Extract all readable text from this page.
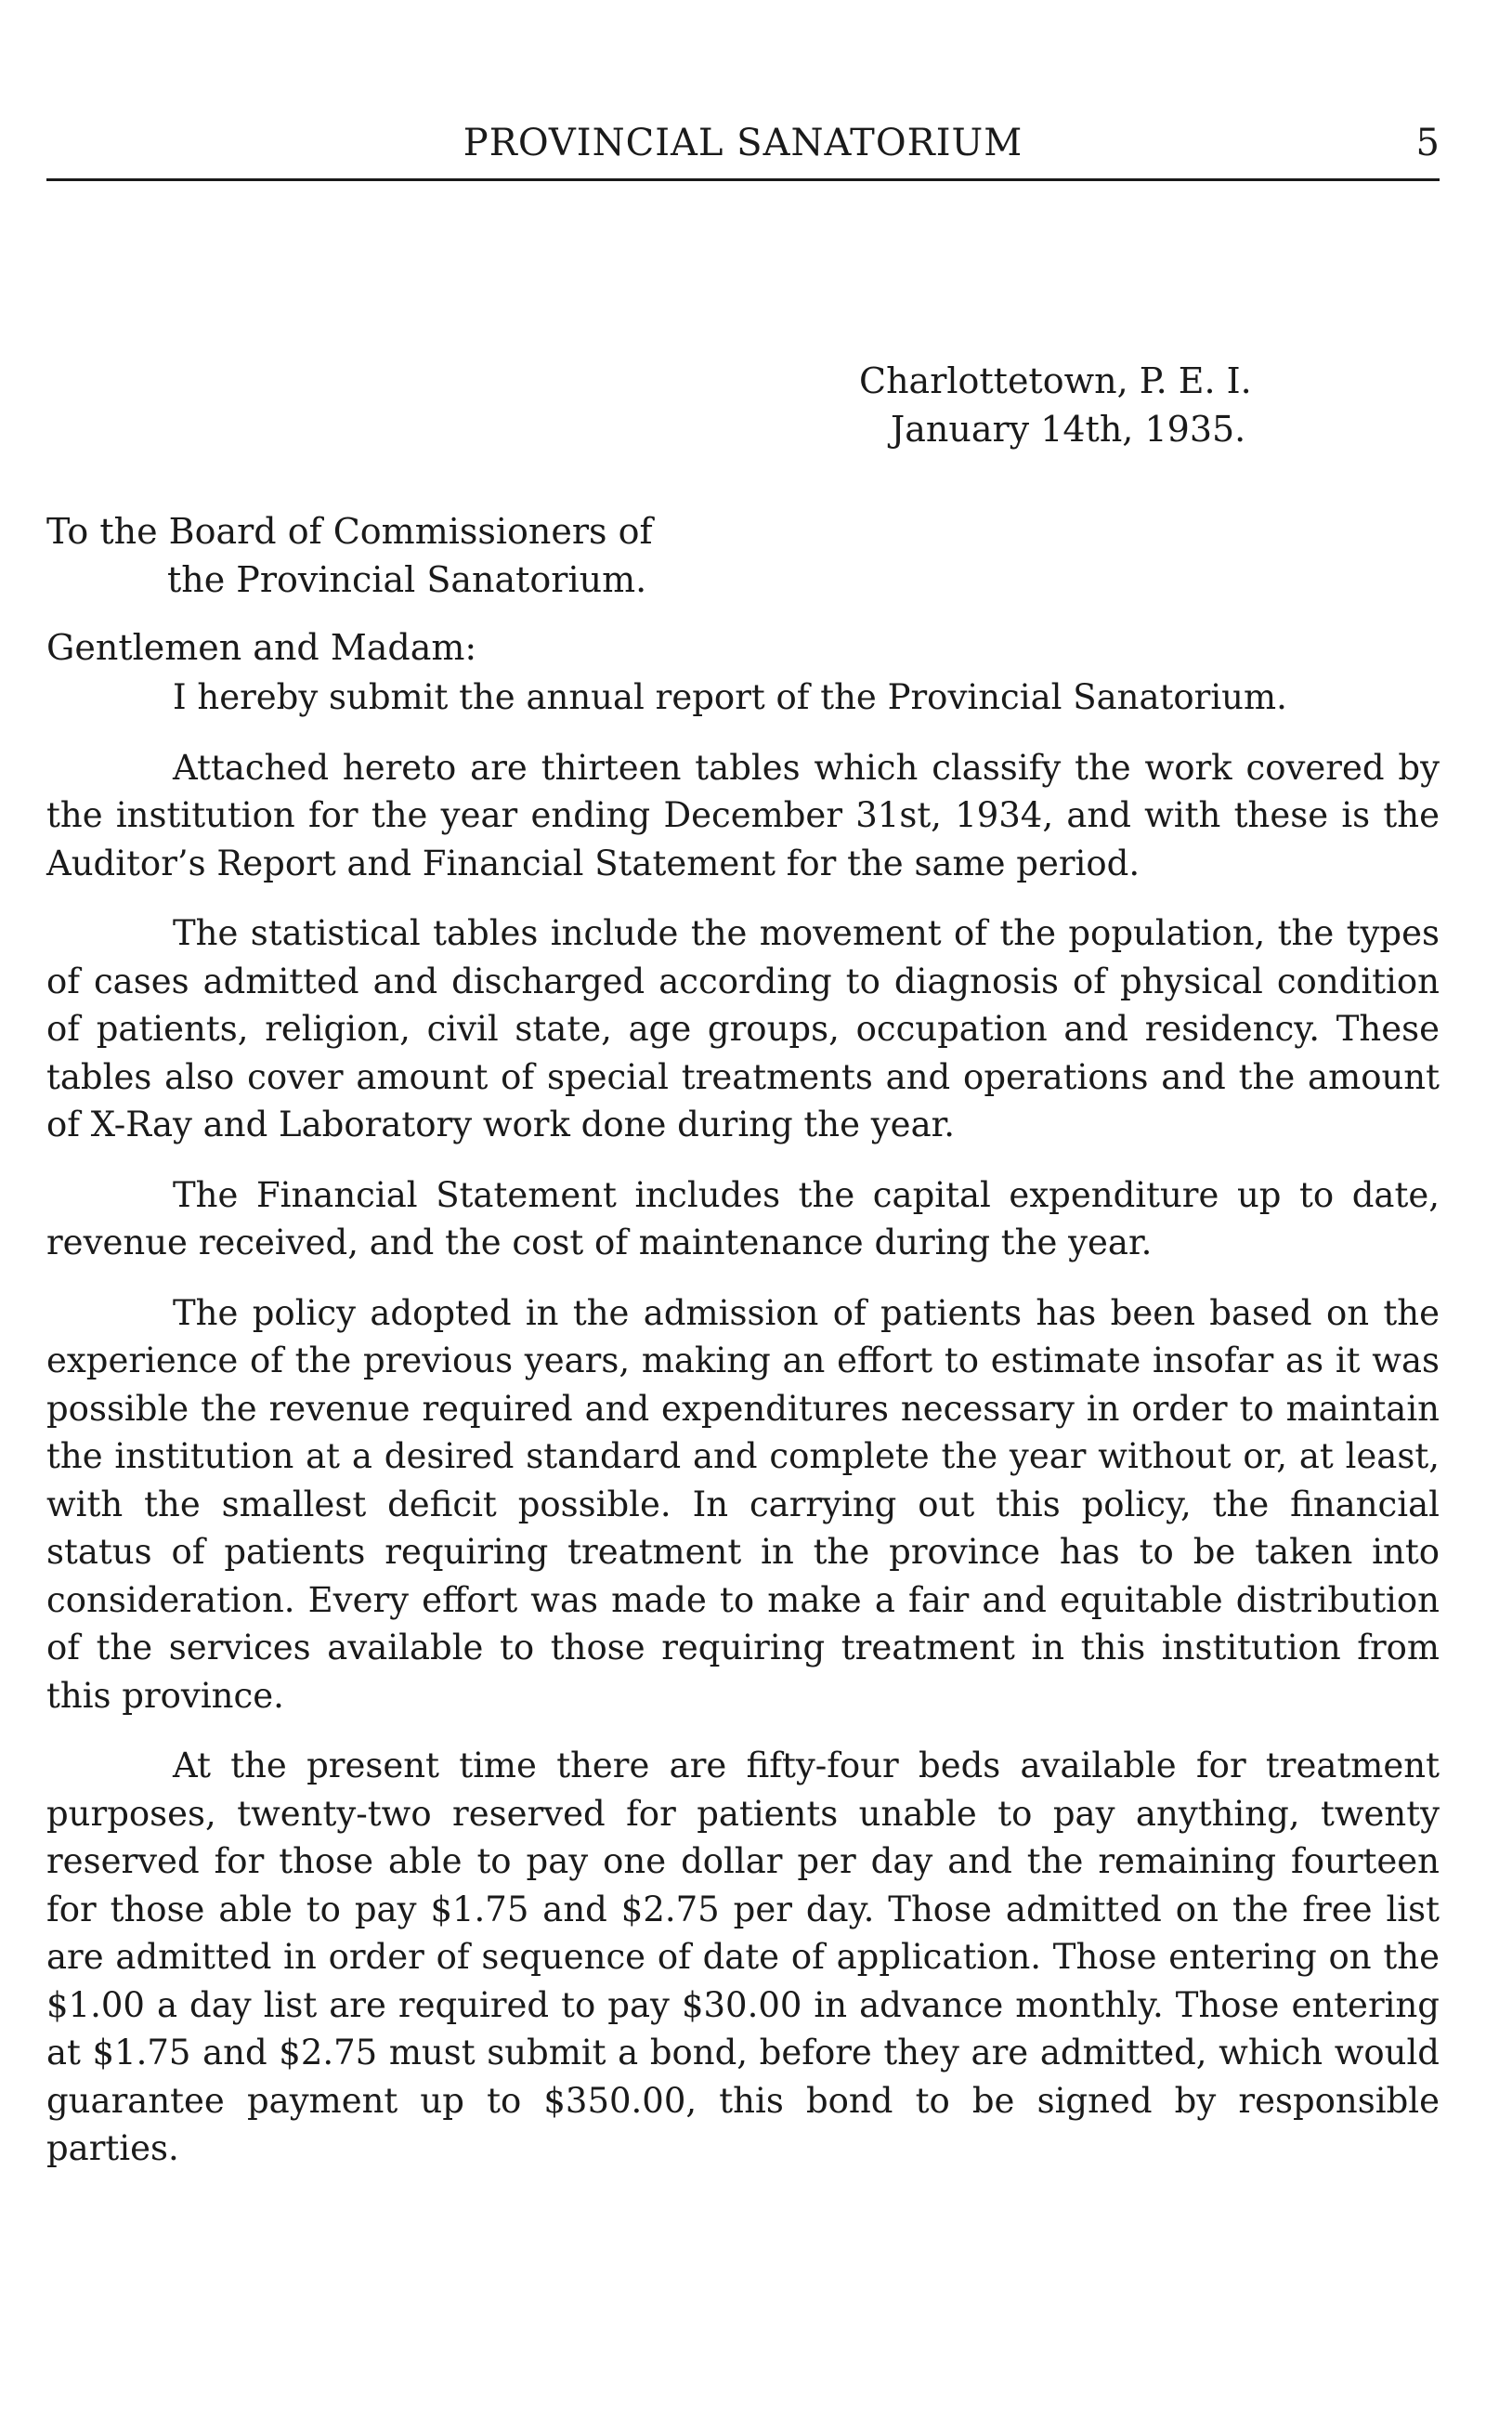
PROVINCIAL SANATORIUM	5
Charlottetown, P. E. I.
January 14th, 1935.
To the Board of Commissioners of
the Provincial Sanatorium.
Gentlemen and Madam:

I hereby submit the annual report of the Provincial Sanatorium.

Attached hereto are thirteen tables which classify the work covered by the institution for the year ending December 31st, 1934, and with these is the Auditor’s Report and Financial Statement for the same period.

The statistical tables include the movement of the population, the types of cases admitted and discharged according to diagnosis of physical condition of patients, religion, civil state, age groups, occupation and residency. These tables also cover amount of special treatments and operations and the amount of X-Ray and Laboratory work done during the year.

The Financial Statement includes the capital expenditure up to date, revenue received, and the cost of maintenance during the year.

The policy adopted in the admission of patients has been based on the experience of the previous years, making an effort to estimate insofar as it was possible the revenue required and expenditures necessary in order to maintain the institution at a desired standard and complete the year without or, at least, with the smallest deficit possible. In carrying out this policy, the financial status of patients requiring treatment in the province has to be taken into consideration. Every effort was made to make a fair and equitable distribution of the services available to those requiring treatment in this institution from this province.

At the present time there are fifty-four beds available for treatment purposes, twenty-two reserved for patients unable to pay anything, twenty reserved for those able to pay one dollar per day and the remaining fourteen for those able to pay $1.75 and $2.75 per day. Those admitted on the free list are admitted in order of sequence of date of application. Those entering on the $1.00 a day list are required to pay $30.00 in advance monthly. Those entering at $1.75 and $2.75 must submit a bond, before they are admitted, which would guarantee payment up to $350.00, this bond to be signed by responsible parties.
